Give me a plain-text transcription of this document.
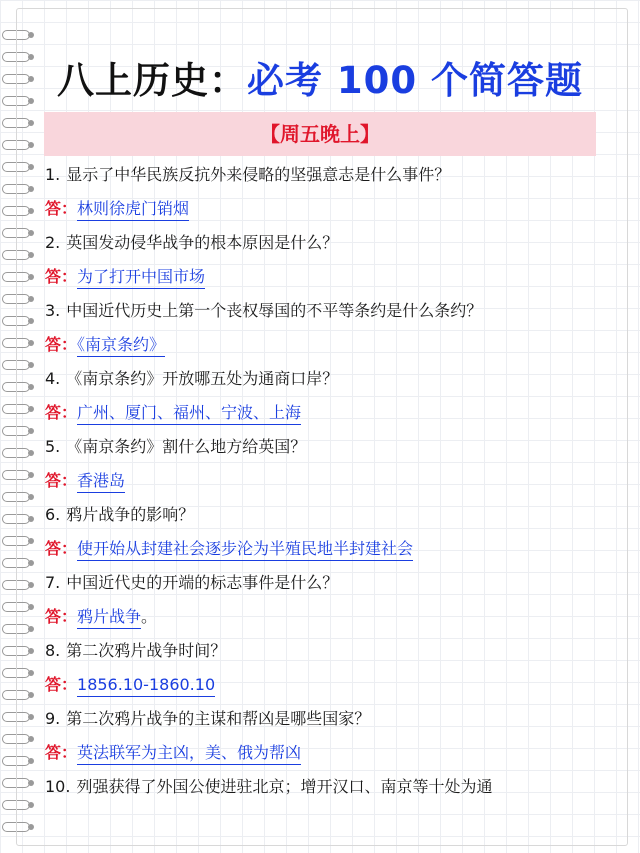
八上历史：必考 100 个简答题
【周五晚上】
1. 显示了中华民族反抗外来侵略的坚强意志是什么事件？
答：林则徐虎门销烟
2. 英国发动侵华战争的根本原因是什么？
答：为了打开中国市场
3. 中国近代历史上第一个丧权辱国的不平等条约是什么条约？
答：《南京条约》
4. 《南京条约》开放哪五处为通商口岸？
答：广州、厦门、福州、宁波、上海
5. 《南京条约》割什么地方给英国？
答：香港岛
6. 鸦片战争的影响？
答：使开始从封建社会逐步沦为半殖民地半封建社会
7. 中国近代史的开端的标志事件是什么？
答：鸦片战争。
8. 第二次鸦片战争时间？
答：1856.10-1860.10
9. 第二次鸦片战争的主谋和帮凶是哪些国家？
答：英法联军为主凶，美、俄为帮凶
10. 列强获得了外国公使进驻北京；增开汉口、南京等十处为通
